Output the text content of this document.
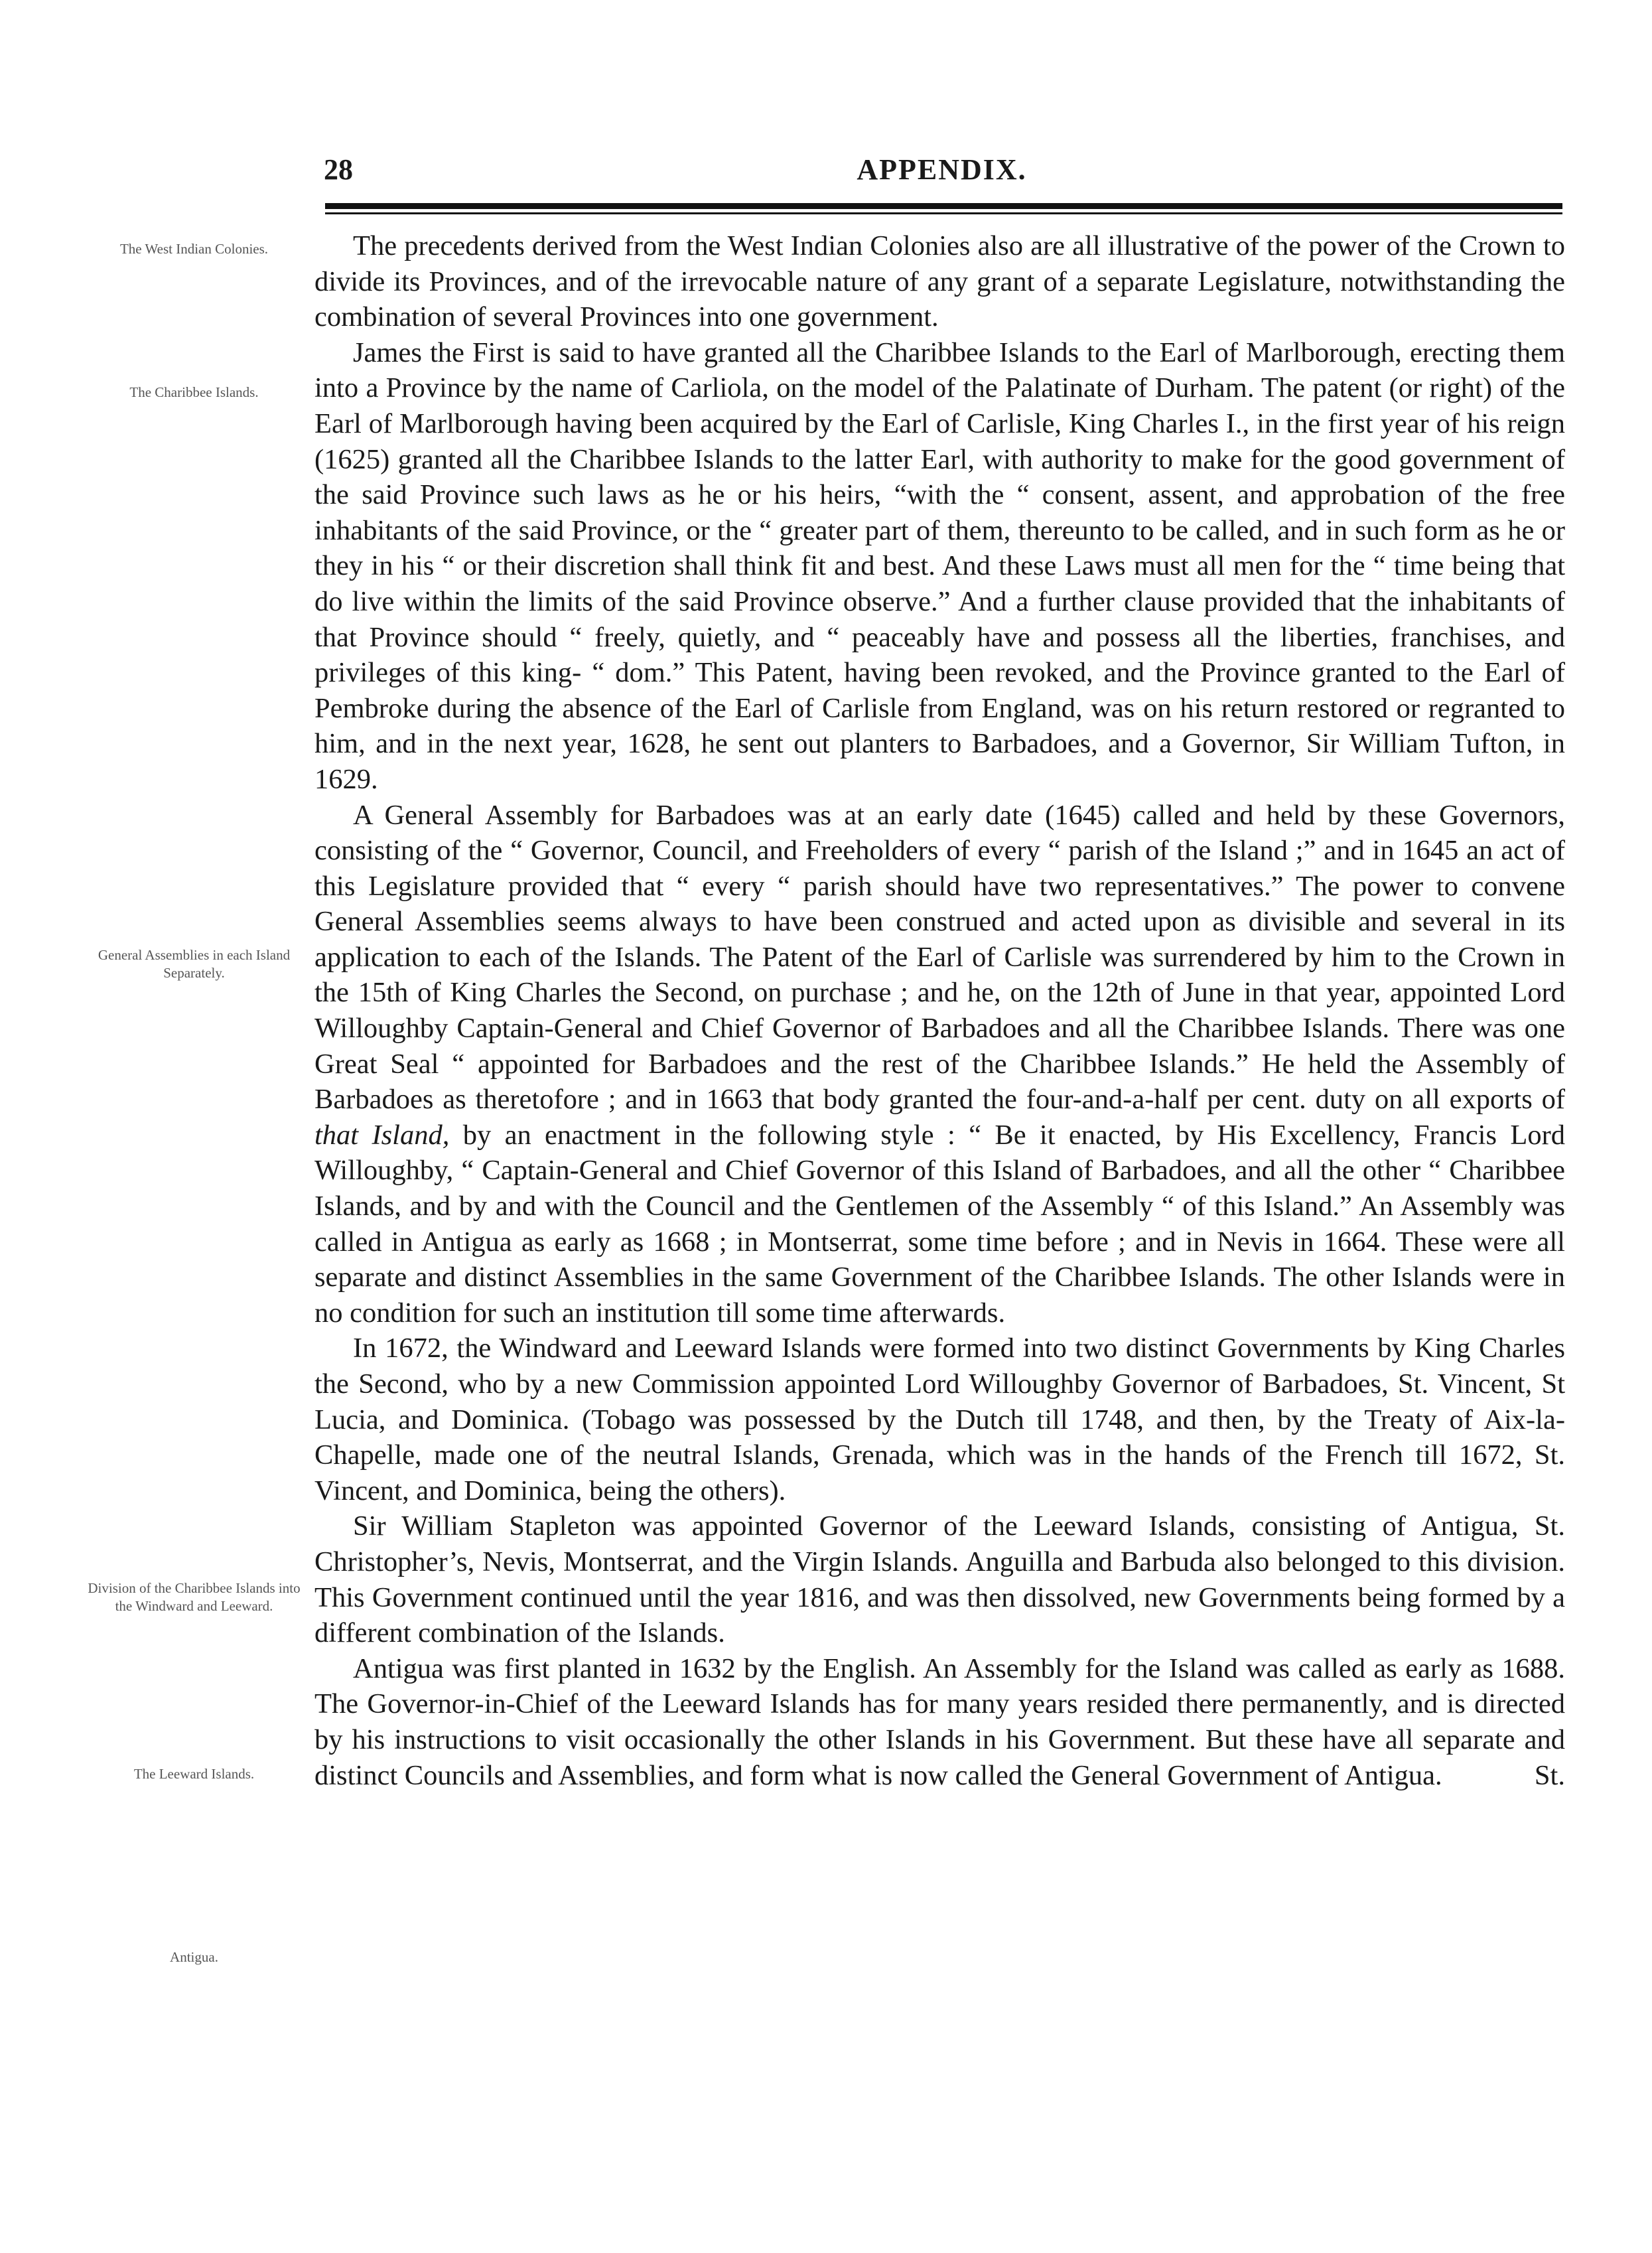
28	APPENDIX.
The West Indian Colonies.
The Charibbee Islands.
General Assemblies in each Island Separately.
Division of the Charibbee Islands into the Windward and Leeward.
The Leeward Islands.
Antigua.

The precedents derived from the West Indian Colonies also are all illustrative of the power of the Crown to divide its Provinces, and of the irrevocable nature of any grant of a separate Legislature, notwithstanding the combination of several Provinces into one government.

James the First is said to have granted all the Charibbee Islands to the Earl of Marlborough, erecting them into a Province by the name of Carliola, on the model of the Palatinate of Durham. The patent (or right) of the Earl of Marlborough having been acquired by the Earl of Carlisle, King Charles I., in the first year of his reign (1625) granted all the Charibbee Islands to the latter Earl, with authority to make for the good government of the said Province such laws as he or his heirs, “with the “ consent, assent, and approbation of the free inhabitants of the said Province, or the “ greater part of them, thereunto to be called, and in such form as he or they in his “ or their discretion shall think fit and best. And these Laws must all men for the “ time being that do live within the limits of the said Province observe.” And a further clause provided that the inhabitants of that Province should “ freely, quietly, and “ peaceably have and possess all the liberties, franchises, and privileges of this king- “ dom.” This Patent, having been revoked, and the Province granted to the Earl of Pembroke during the absence of the Earl of Carlisle from England, was on his return restored or regranted to him, and in the next year, 1628, he sent out planters to Barbadoes, and a Governor, Sir William Tufton, in 1629.

A General Assembly for Barbadoes was at an early date (1645) called and held by these Governors, consisting of the “ Governor, Council, and Freeholders of every “ parish of the Island ;” and in 1645 an act of this Legislature provided that “ every “ parish should have two representatives.” The power to convene General Assemblies seems always to have been construed and acted upon as divisible and several in its application to each of the Islands. The Patent of the Earl of Carlisle was surrendered by him to the Crown in the 15th of King Charles the Second, on purchase ; and he, on the 12th of June in that year, appointed Lord Willoughby Captain-General and Chief Governor of Barbadoes and all the Charibbee Islands. There was one Great Seal “ appointed for Barbadoes and the rest of the Charibbee Islands.” He held the Assembly of Barbadoes as theretofore ; and in 1663 that body granted the four-and-a-half per cent. duty on all exports of that Island, by an enactment in the following style : “ Be it enacted, by His Excellency, Francis Lord Willoughby, “ Captain-General and Chief Governor of this Island of Barbadoes, and all the other “ Charibbee Islands, and by and with the Council and the Gentlemen of the Assembly “ of this Island.” An Assembly was called in Antigua as early as 1668 ; in Montserrat, some time before ; and in Nevis in 1664. These were all separate and distinct Assemblies in the same Government of the Charibbee Islands. The other Islands were in no condition for such an institution till some time afterwards.

In 1672, the Windward and Leeward Islands were formed into two distinct Governments by King Charles the Second, who by a new Commission appointed Lord Willoughby Governor of Barbadoes, St. Vincent, St Lucia, and Dominica. (Tobago was possessed by the Dutch till 1748, and then, by the Treaty of Aix-la-Chapelle, made one of the neutral Islands, Grenada, which was in the hands of the French till 1672, St. Vincent, and Dominica, being the others).

Sir William Stapleton was appointed Governor of the Leeward Islands, consisting of Antigua, St. Christopher’s, Nevis, Montserrat, and the Virgin Islands. Anguilla and Barbuda also belonged to this division. This Government continued until the year 1816, and was then dissolved, new Governments being formed by a different combination of the Islands.

Antigua was first planted in 1632 by the English. An Assembly for the Island was called as early as 1688. The Governor-in-Chief of the Leeward Islands has for many years resided there permanently, and is directed by his instructions to visit occasionally the other Islands in his Government. But these have all separate and distinct Councils and Assemblies, and form what is now called the General Government of Antigua.	St.
